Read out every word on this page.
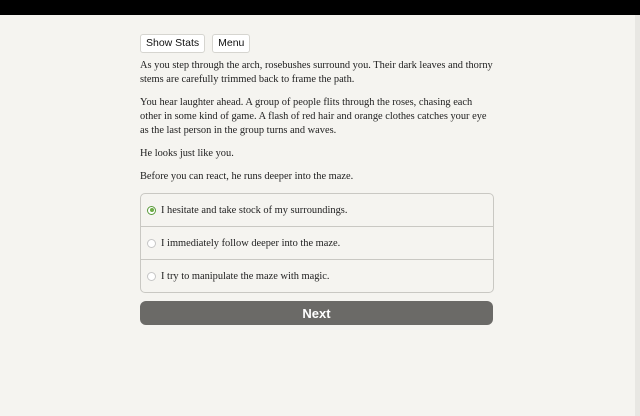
Show Stats	Menu

As you step through the arch, rosebushes surround you. Their dark leaves and thorny stems are carefully trimmed back to frame the path.

You hear laughter ahead. A group of people flits through the roses, chasing each other in some kind of game. A flash of red hair and orange clothes catches your eye as the last person in the group turns and waves.

He looks just like you.

Before you can react, he runs deeper into the maze.

I hesitate and take stock of my surroundings.
I immediately follow deeper into the maze.
I try to manipulate the maze with magic.
Next
